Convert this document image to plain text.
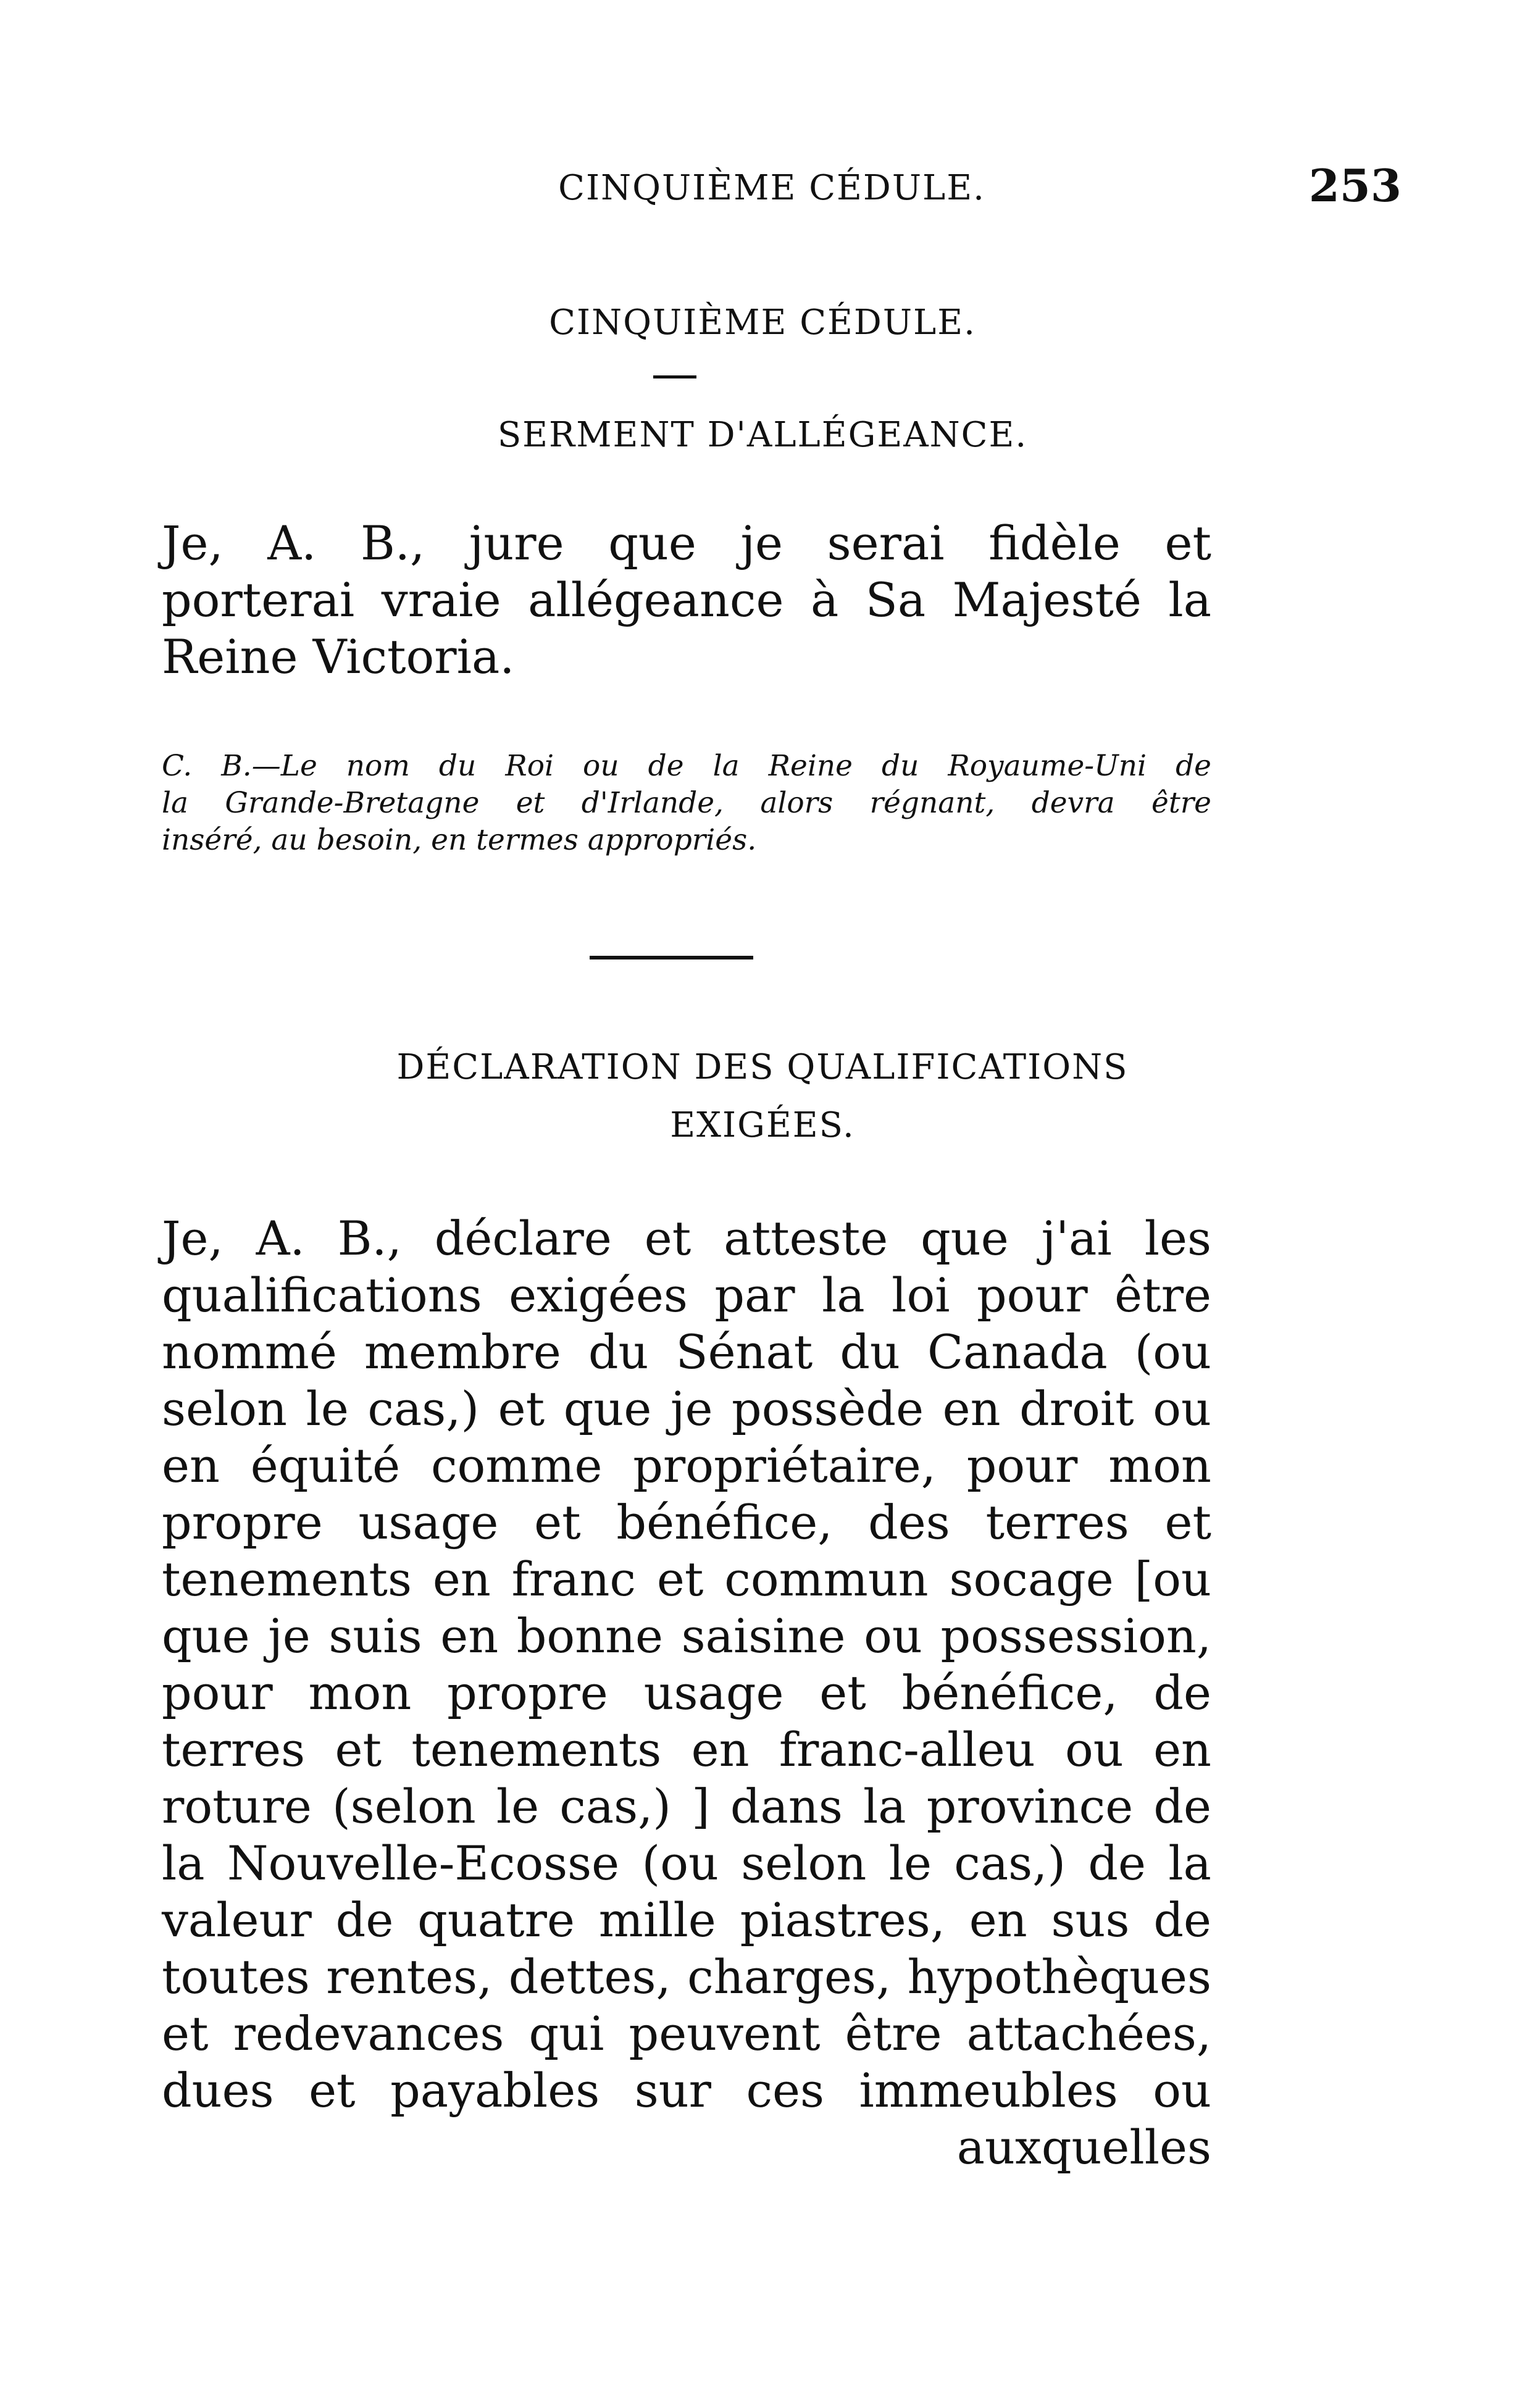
CINQUIÈME CÉDULE.	253
CINQUIÈME CÉDULE.
SERMENT D'ALLÉGEANCE.
Je, A. B., jure que je serai fidèle et
porterai vraie allégeance à Sa Majesté la
Reine Victoria.
C. B.—Le nom du Roi ou de la Reine du Royaume-Uni de
la Grande-Bretagne et d'Irlande, alors régnant, devra être
inséré, au besoin, en termes appropriés.
DÉCLARATION DES QUALIFICATIONS
EXIGÉES.
Je, A. B., déclare et atteste que j'ai les
qualifications exigées par la loi pour être
nommé membre du Sénat du Canada (ou
selon le cas,) et que je possède en droit ou
en équité comme propriétaire, pour mon
propre usage et bénéfice, des terres et
tenements en franc et commun socage [ou
que je suis en bonne saisine ou possession,
pour mon propre usage et bénéfice, de
terres et tenements en franc-alleu ou en
roture (selon le cas,) ] dans la province de
la Nouvelle-Ecosse (ou selon le cas,) de la
valeur de quatre mille piastres, en sus de
toutes rentes, dettes, charges, hypothèques
et redevances qui peuvent être attachées,
dues et payables sur ces immeubles ou
auxquelles
